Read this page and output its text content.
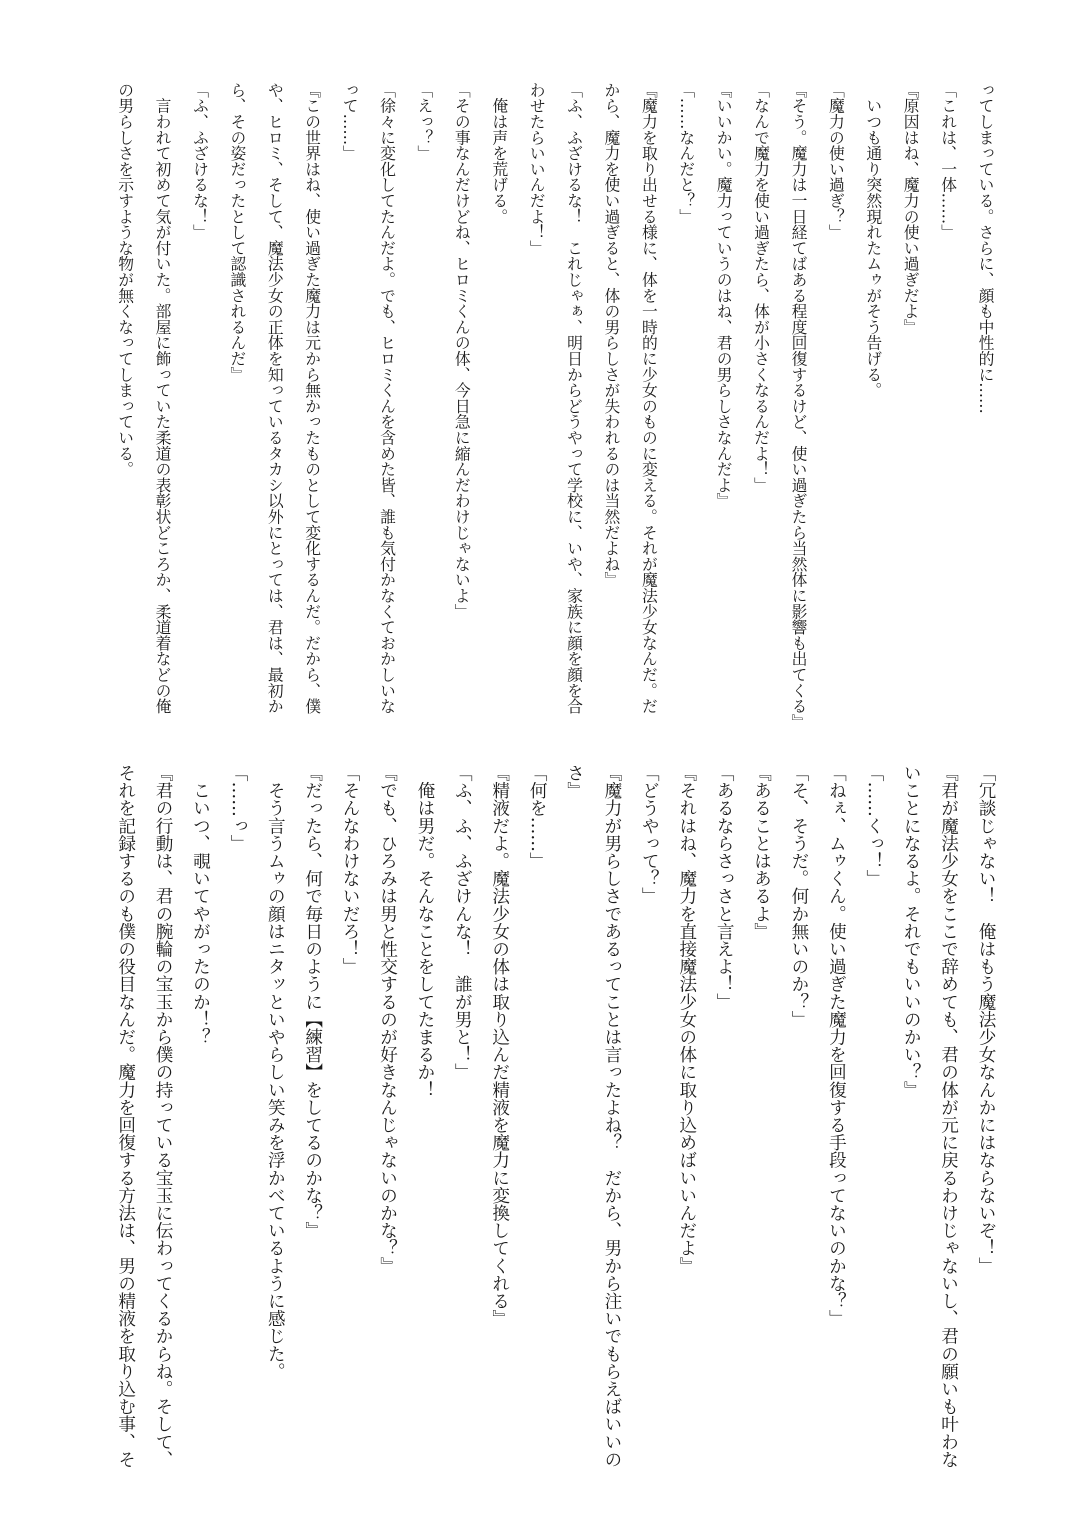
ってしまっている。さらに、顔も中性的に……
「これは、一体……」
『原因はね、魔力の使い過ぎだよ』
　いつも通り突然現れたムゥがそう告げる。
「魔力の使い過ぎ？」
『そう。魔力は一日経てばある程度回復するけど、使い過ぎたら当然体に影響も出てくる』
「なんで魔力を使い過ぎたら、体が小さくなるんだよ！」
『いいかい。魔力っていうのはね、君の男らしさなんだよ』
「……なんだと？」
『魔力を取り出せる様に、体を一時的に少女のものに変える。それが魔法少女なんだ。だ
から、魔力を使い過ぎると、体の男らしさが失われるのは当然だよね』
「ふ、ふざけるな！　これじゃぁ、明日からどうやって学校に、いや、家族に顔を顔を合
わせたらいいんだよ！」
　俺は声を荒げる。
「その事なんだけどね、ヒロミくんの体、今日急に縮んだわけじゃないよ」
「えっ？」
「徐々に変化してたんだよ。でも、ヒロミくんを含めた皆、誰も気付かなくておかしいな
って……」
『この世界はね、使い過ぎた魔力は元から無かったものとして変化するんだ。だから、僕
や、ヒロミ、そして、魔法少女の正体を知っているタカシ以外にとっては、君は、最初か
ら、その姿だったとして認識されるんだ』
「ふ、ふざけるな！」
　言われて初めて気が付いた。部屋に飾っていた柔道の表彰状どころか、柔道着などの俺
の男らしさを示すような物が無くなってしまっている。
「冗談じゃない！　俺はもう魔法少女なんかにはならないぞ！」
『君が魔法少女をここで辞めても、君の体が元に戻るわけじゃないし、君の願いも叶わな
いことになるよ。それでもいいのかい？』
「……くっ！」
「ねぇ、ムゥくん。使い過ぎた魔力を回復する手段ってないのかな？」
「そ、そうだ。何か無いのか？」
『あることはあるよ』
「あるならさっさと言えよ！」
『それはね、魔力を直接魔法少女の体に取り込めばいいんだよ』
「どうやって？」
『魔力が男らしさであるってことは言ったよね？　だから、男から注いでもらえばいいの
さ』
「何を……」
『精液だよ。魔法少女の体は取り込んだ精液を魔力に変換してくれる』
「ふ、ふ、ふざけんな！　誰が男と！」
　俺は男だ。そんなことをしてたまるか！
『でも、ひろみは男と性交するのが好きなんじゃないのかな？』
「そんなわけないだろ！」
『だったら、何で毎日のように【練習】をしてるのかな？』
　そう言うムゥの顔はニタッといやらしい笑みを浮かべているように感じた。
「……っ」
　こいつ、覗いてやがったのか！？
『君の行動は、君の腕輪の宝玉から僕の持っている宝玉に伝わってくるからね。そして、
それを記録するのも僕の役目なんだ。魔力を回復する方法は、男の精液を取り込む事、そ
